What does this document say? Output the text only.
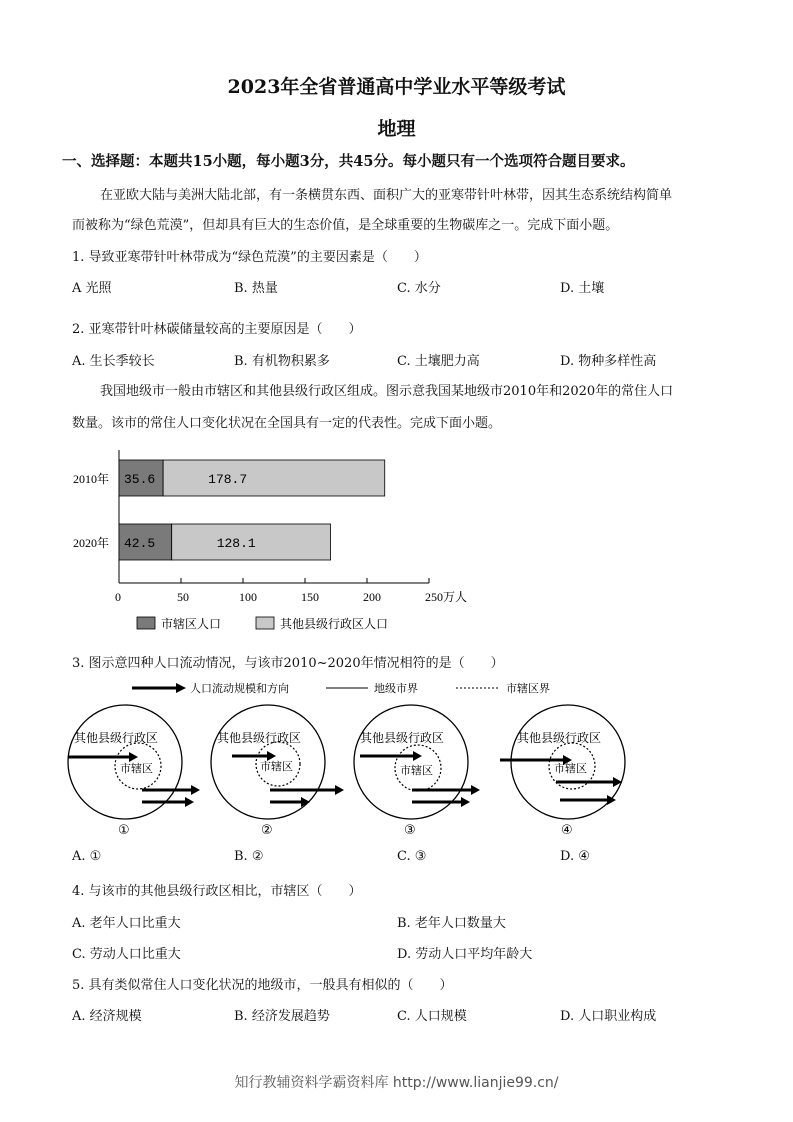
2023年全省普通高中学业水平等级考试
地理
一、选择题：本题共15小题，每小题3分，共45分。每小题只有一个选项符合题目要求。
在亚欧大陆与美洲大陆北部，有一条横贯东西、面积广大的亚寒带针叶林带，因其生态系统结构简单
而被称为“绿色荒漠”，但却具有巨大的生态价值，是全球重要的生物碳库之一。完成下面小题。
1. 导致亚寒带针叶林带成为“绿色荒漠”的主要因素是（　　）
A 光照	B. 热量	C. 水分	D. 土壤
2. 亚寒带针叶林碳储量较高的主要原因是（　　）
A. 生长季较长	B. 有机物积累多	C. 土壤肥力高	D. 物种多样性高
我国地级市一般由市辖区和其他县级行政区组成。图示意我国某地级市2010年和2020年的常住人口
数量。该市的常住人口变化状况在全国具有一定的代表性。完成下面小题。
0	50	100	150	200	250万人
2010年 35.6	178.7
2020年 42.5	128.1
市辖区人口	其他县级行政区人口
3. 图示意四种人口流动情况，与该市2010~2020年情况相符的是（　　）
人口流动规模和方向	地级市界	市辖区界
其他县级行政区
市辖区
①
其他县级行政区
市辖区
②
其他县级行政区
市辖区
③
其他县级行政区
市辖区
④
A. ①	B. ②	C. ③	D. ④
4. 与该市的其他县级行政区相比，市辖区（　　）
A. 老年人口比重大	B. 老年人口数量大
C. 劳动人口比重大	D. 劳动人口平均年龄大
5. 具有类似常住人口变化状况的地级市，一般具有相似的（　　）
A. 经济规模	B. 经济发展趋势	C. 人口规模	D. 人口职业构成
知行教辅资料学霸资料库 http://www.lianjie99.cn/
